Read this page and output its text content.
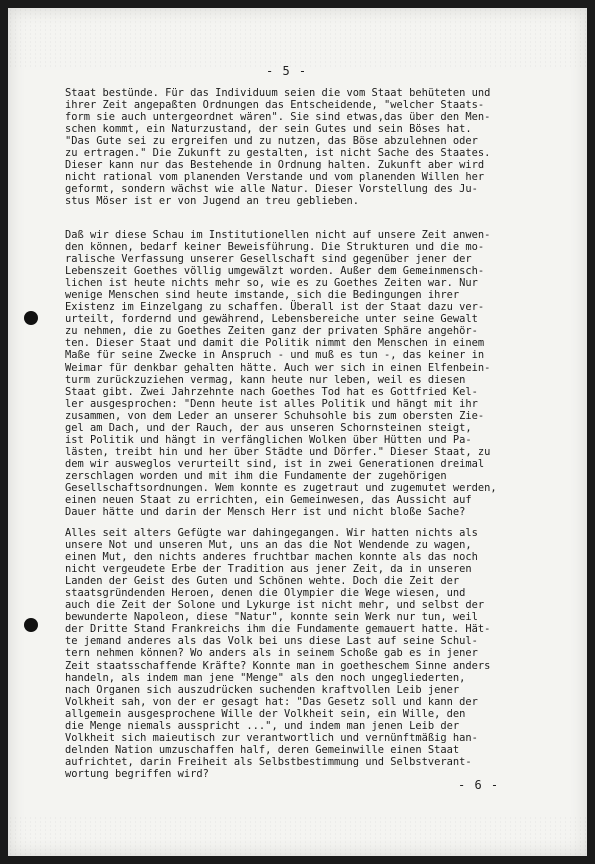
- 5 -
Staat bestünde. Für das Individuum seien die vom Staat behüteten und
ihrer Zeit angepaßten Ordnungen das Entscheidende, "welcher Staats-
form sie auch untergeordnet wären". Sie sind etwas,das über den Men-
schen kommt, ein Naturzustand, der sein Gutes und sein Böses hat.
"Das Gute sei zu ergreifen und zu nutzen, das Böse abzulehnen oder
zu ertragen." Die Zukunft zu gestalten, ist nicht Sache des Staates.
Dieser kann nur das Bestehende in Ordnung halten. Zukunft aber wird
nicht rational vom planenden Verstande und vom planenden Willen her
geformt, sondern wächst wie alle Natur. Dieser Vorstellung des Ju-
stus Möser ist er von Jugend an treu geblieben.
Daß wir diese Schau im Institutionellen nicht auf unsere Zeit anwen-
den können, bedarf keiner Beweisführung. Die Strukturen und die mo-
ralische Verfassung unserer Gesellschaft sind gegenüber jener der
Lebenszeit Goethes völlig umgewälzt worden. Außer dem Gemeinmensch-
lichen ist heute nichts mehr so, wie es zu Goethes Zeiten war. Nur
wenige Menschen sind heute imstande, sich die Bedingungen ihrer
Existenz im Einzelgang zu schaffen. Überall ist der Staat dazu ver-
urteilt, fordernd und gewährend, Lebensbereiche unter seine Gewalt
zu nehmen, die zu Goethes Zeiten ganz der privaten Sphäre angehör-
ten. Dieser Staat und damit die Politik nimmt den Menschen in einem
Maße für seine Zwecke in Anspruch - und muß es tun -, das keiner in
Weimar für denkbar gehalten hätte. Auch wer sich in einen Elfenbein-
turm zurückzuziehen vermag, kann heute nur leben, weil es diesen
Staat gibt. Zwei Jahrzehnte nach Goethes Tod hat es Gottfried Kel-
ler ausgesprochen: "Denn heute ist alles Politik und hängt mit ihr
zusammen, von dem Leder an unserer Schuhsohle bis zum obersten Zie-
gel am Dach, und der Rauch, der aus unseren Schornsteinen steigt,
ist Politik und hängt in verfänglichen Wolken über Hütten und Pa-
lästen, treibt hin und her über Städte und Dörfer." Dieser Staat, zu
dem wir ausweglos verurteilt sind, ist in zwei Generationen dreimal
zerschlagen worden und mit ihm die Fundamente der zugehörigen
Gesellschaftsordnungen. Wem konnte es zugetraut und zugemutet werden,
einen neuen Staat zu errichten, ein Gemeinwesen, das Aussicht auf
Dauer hätte und darin der Mensch Herr ist und nicht bloße Sache?
Alles seit alters Gefügte war dahingegangen. Wir hatten nichts als
unsere Not und unseren Mut, uns an das die Not Wendende zu wagen,
einen Mut, den nichts anderes fruchtbar machen konnte als das noch
nicht vergeudete Erbe der Tradition aus jener Zeit, da in unseren
Landen der Geist des Guten und Schönen wehte. Doch die Zeit der
staatsgründenden Heroen, denen die Olympier die Wege wiesen, und
auch die Zeit der Solone und Lykurge ist nicht mehr, und selbst der
bewunderte Napoleon, diese "Natur", konnte sein Werk nur tun, weil
der Dritte Stand Frankreichs ihm die Fundamente gemauert hatte. Hät-
te jemand anderes als das Volk bei uns diese Last auf seine Schul-
tern nehmen können? Wo anders als in seinem Schoße gab es in jener
Zeit staatsschaffende Kräfte? Konnte man in goetheschem Sinne anders
handeln, als indem man jene "Menge" als den noch ungegliederten,
nach Organen sich auszudrücken suchenden kraftvollen Leib jener
Volkheit sah, von der er gesagt hat: "Das Gesetz soll und kann der
allgemein ausgesprochene Wille der Volkheit sein, ein Wille, den
die Menge niemals ausspricht ...", und indem man jenen Leib der
Volkheit sich maieutisch zur verantwortlich und vernünftmäßig han-
delnden Nation umzuschaffen half, deren Gemeinwille einen Staat
aufrichtet, darin Freiheit als Selbstbestimmung und Selbstverant-
wortung begriffen wird?
- 6 -
